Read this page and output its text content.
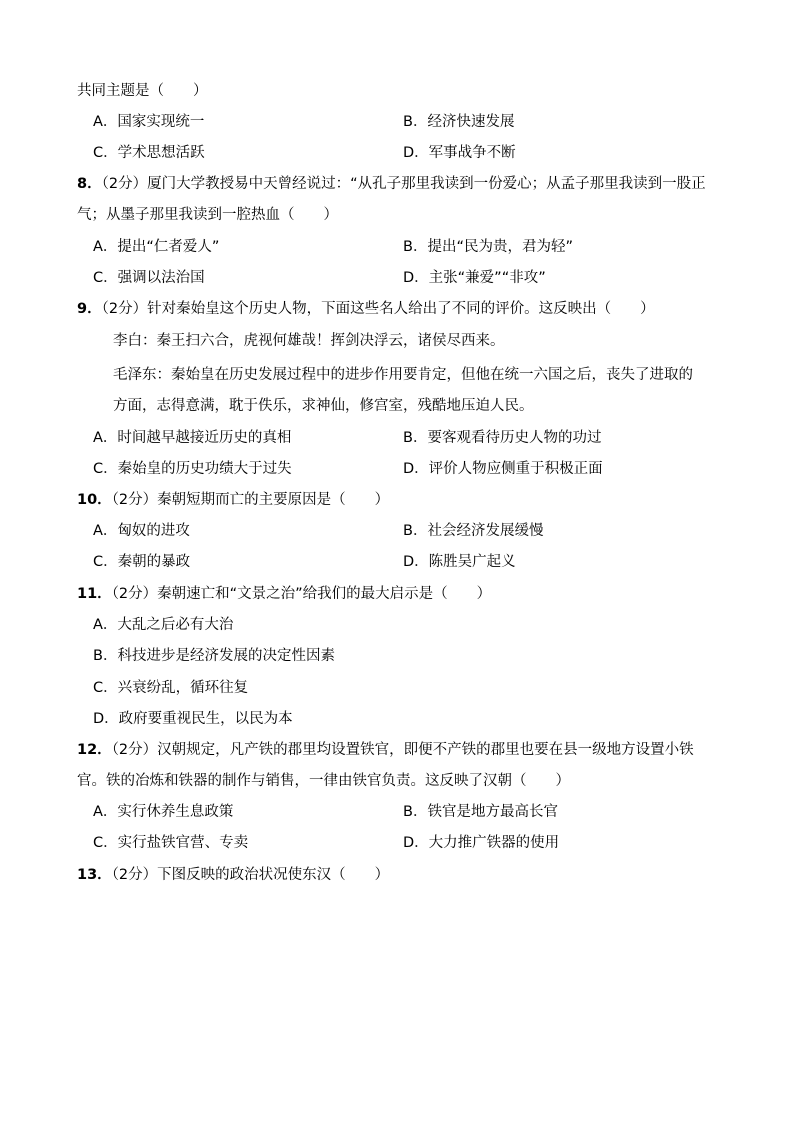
共同主题是（　　）
A．国家实现统一	B．经济快速发展
C．学术思想活跃	D．军事战争不断
8．（2分）厦门大学教授易中天曾经说过：“从孔子那里我读到一份爱心；从孟子那里我读到一股正
气；从墨子那里我读到一腔热血（　　）
A．提出“仁者爱人”	B．提出“民为贵，君为轻”
C．强调以法治国	D．主张“兼爱”“非攻”
9．（2分）针对秦始皇这个历史人物，下面这些名人给出了不同的评价。这反映出（　　）
李白：秦王扫六合，虎视何雄哉！挥剑决浮云，诸侯尽西来。
毛泽东：秦始皇在历史发展过程中的进步作用要肯定，但他在统一六国之后，丧失了进取的
方面，志得意满，耽于佚乐，求神仙，修宫室，残酷地压迫人民。
A．时间越早越接近历史的真相	B．要客观看待历史人物的功过
C．秦始皇的历史功绩大于过失	D．评价人物应侧重于积极正面
10．（2分）秦朝短期而亡的主要原因是（　　）
A．匈奴的进攻	B．社会经济发展缓慢
C．秦朝的暴政	D．陈胜吴广起义
11．（2分）秦朝速亡和“文景之治”给我们的最大启示是（　　）
A．大乱之后必有大治
B．科技进步是经济发展的决定性因素
C．兴衰纷乱，循环往复
D．政府要重视民生，以民为本
12．（2分）汉朝规定，凡产铁的郡里均设置铁官，即便不产铁的郡里也要在县一级地方设置小铁
官。铁的冶炼和铁器的制作与销售，一律由铁官负责。这反映了汉朝（　　）
A．实行休养生息政策	B．铁官是地方最高长官
C．实行盐铁官营、专卖	D．大力推广铁器的使用
13．（2分）下图反映的政治状况使东汉（　　）
